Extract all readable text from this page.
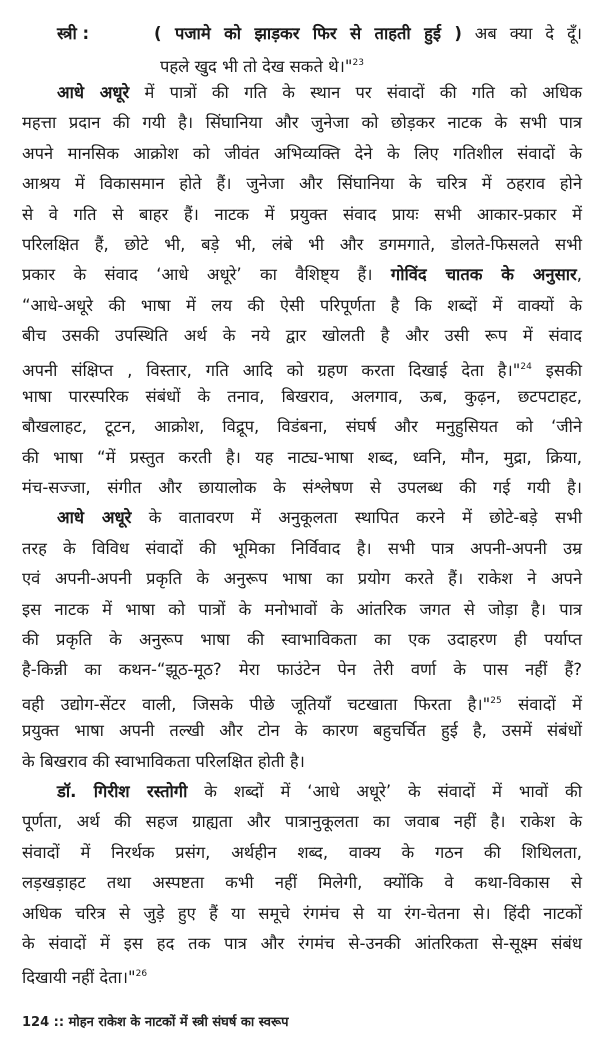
स्त्री :	( पजामे को झाड़कर फिर से ताहती हुई ) अब क्या दे दूँ।
पहले खुद भी तो देख सकते थे।"$^{23}$
आधे अधूरे में पात्रों की गति के स्थान पर संवादों की गति को अधिक
महत्ता प्रदान की गयी है। सिंघानिया और जुनेजा को छोड़कर नाटक के सभी पात्र
अपने मानसिक आक्रोश को जीवंत अभिव्यक्ति देने के लिए गतिशील संवादों के
आश्रय में विकासमान होते हैं। जुनेजा और सिंघानिया के चरित्र में ठहराव होने
से वे गति से बाहर हैं। नाटक में प्रयुक्त संवाद प्रायः सभी आकार-प्रकार में
परिलक्षित हैं, छोटे भी, बड़े भी, लंबे भी और डगमगाते, डोलते-फिसलते सभी
प्रकार के संवाद ‘आधे अधूरे’ का वैशिष्ट्य हैं। गोविंद चातक के अनुसार,
“आधे-अधूरे की भाषा में लय की ऐसी परिपूर्णता है कि शब्दों में वाक्यों के
बीच उसकी उपस्थिति अर्थ के नये द्वार खोलती है और उसी रूप में संवाद
अपनी संक्षिप्त , विस्तार, गति आदि को ग्रहण करता दिखाई देता है।"$^{24}$ इसकी
भाषा पारस्परिक संबंधों के तनाव, बिखराव, अलगाव, ऊब, कुढ़न, छटपटाहट,
बौखलाहट, टूटन, आक्रोश, विद्रूप, विडंबना, संघर्ष और मनुहुसियत को ‘जीने
की भाषा “में प्रस्तुत करती है। यह नाट्य-भाषा शब्द, ध्वनि, मौन, मुद्रा, क्रिया,
मंच-सज्जा, संगीत और छायालोक के संश्लेषण से उपलब्ध की गई गयी है।
आधे अधूरे के वातावरण में अनुकूलता स्थापित करने में छोटे-बड़े सभी
तरह के विविध संवादों की भूमिका निर्विवाद है। सभी पात्र अपनी-अपनी उम्र
एवं अपनी-अपनी प्रकृति के अनुरूप भाषा का प्रयोग करते हैं। राकेश ने अपने
इस नाटक में भाषा को पात्रों के मनोभावों के आंतरिक जगत से जोड़ा है। पात्र
की प्रकृति के अनुरूप भाषा की स्वाभाविकता का एक उदाहरण ही पर्याप्त
है-किन्नी का कथन-“झूठ-मूठ? मेरा फाउंटेन पेन तेरी वर्णा के पास नहीं हैं?
वही उद्योग-सेंटर वाली, जिसके पीछे जूतियाँ चटखाता फिरता है।"$^{25}$ संवादों में
प्रयुक्त भाषा अपनी तल्खी और टोन के कारण बहुचर्चित हुई है, उसमें संबंधों
के बिखराव की स्वाभाविकता परिलक्षित होती है।
डॉ. गिरीश रस्तोगी के शब्दों में ‘आधे अधूरे’ के संवादों में भावों की
पूर्णता, अर्थ की सहज ग्राह्यता और पात्रानुकूलता का जवाब नहीं है। राकेश के
संवादों में निरर्थक प्रसंग, अर्थहीन शब्द, वाक्य के गठन की शिथिलता,
लड़खड़ाहट तथा अस्पष्टता कभी नहीं मिलेगी, क्योंकि वे कथा-विकास से
अधिक चरित्र से जुड़े हुए हैं या समूचे रंगमंच से या रंग-चेतना से। हिंदी नाटकों
के संवादों में इस हद तक पात्र और रंगमंच से-उनकी आंतरिकता से-सूक्ष्म संबंध
दिखायी नहीं देता।"$^{26}$
124 :: मोहन राकेश के नाटकों में स्त्री संघर्ष का स्वरूप
